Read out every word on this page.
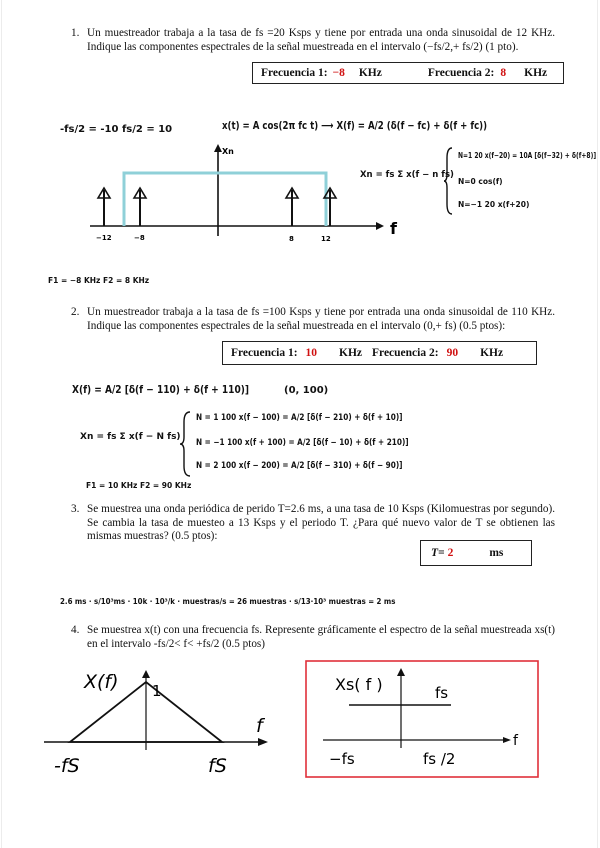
1. Un muestreador trabaja a la tasa de fs =20 Ksps y tiene por entrada una onda sinusoidal de 12 KHz. Indique las componentes espectrales de la señal muestreada en el intervalo (−fs/2,+ fs/2) (1 pto).
Frecuencia 1: −8 KHz	Frecuencia 2: 8 KHz
-fs/2 = -10 fs/2 = 10	x(t) = A cos(2π fc t) ⟶ X(f) = A/2 (δ(f − fc) + δ(f + fc))
Xn = fs Σ x(f − n fs)
N=1 20 x(f−20) = 10A [δ(f−32) + δ(f+8)]
N=0 cos(f)
N=−1 20 x(f+20)
Xn
f
−12	−8	8	12
F1 = −8 KHz F2 = 8 KHz
2. Un muestreador trabaja a la tasa de fs =100 Ksps y tiene por entrada una onda sinusoidal de 110 KHz. Indique las componentes espectrales de la señal muestreada en el intervalo (0,+ fs) (0.5 ptos):
Frecuencia 1: 10 KHz Frecuencia 2: 90 KHz
X(f) = A/2 [δ(f − 110) + δ(f + 110)]	(0, 100)
Xn = fs Σ x(f − N fs)
N = 1 100 x(f − 100) = A/2 [δ(f − 210) + δ(f + 10)]
N = −1 100 x(f + 100) = A/2 [δ(f − 10) + δ(f + 210)]
N = 2 100 x(f − 200) = A/2 [δ(f − 310) + δ(f − 90)]
F1 = 10 KHz F2 = 90 KHz
3. Se muestrea una onda periódica de perido T=2.6 ms, a una tasa de 10 Ksps (Kilomuestras por segundo). Se cambia la tasa de muesteo a 13 Ksps y el periodo T. ¿Para qué nuevo valor de T se obtienen las mismas muestras? (0.5 ptos):
T= 2	ms
2.6 ms · s/10³ms · 10k · 10³/k · muestras/s = 26 muestras · s/13·10³ muestras = 2 ms
4. Se muestrea x(t) con una frecuencia fs. Represente gráficamente el espectro de la señal muestreada xs(t) en el intervalo -fs/2< f< +fs/2 (0.5 ptos)
X(f) 1
f
-fS	fS
Xs( f )	fs
f
−fs	fs /2
